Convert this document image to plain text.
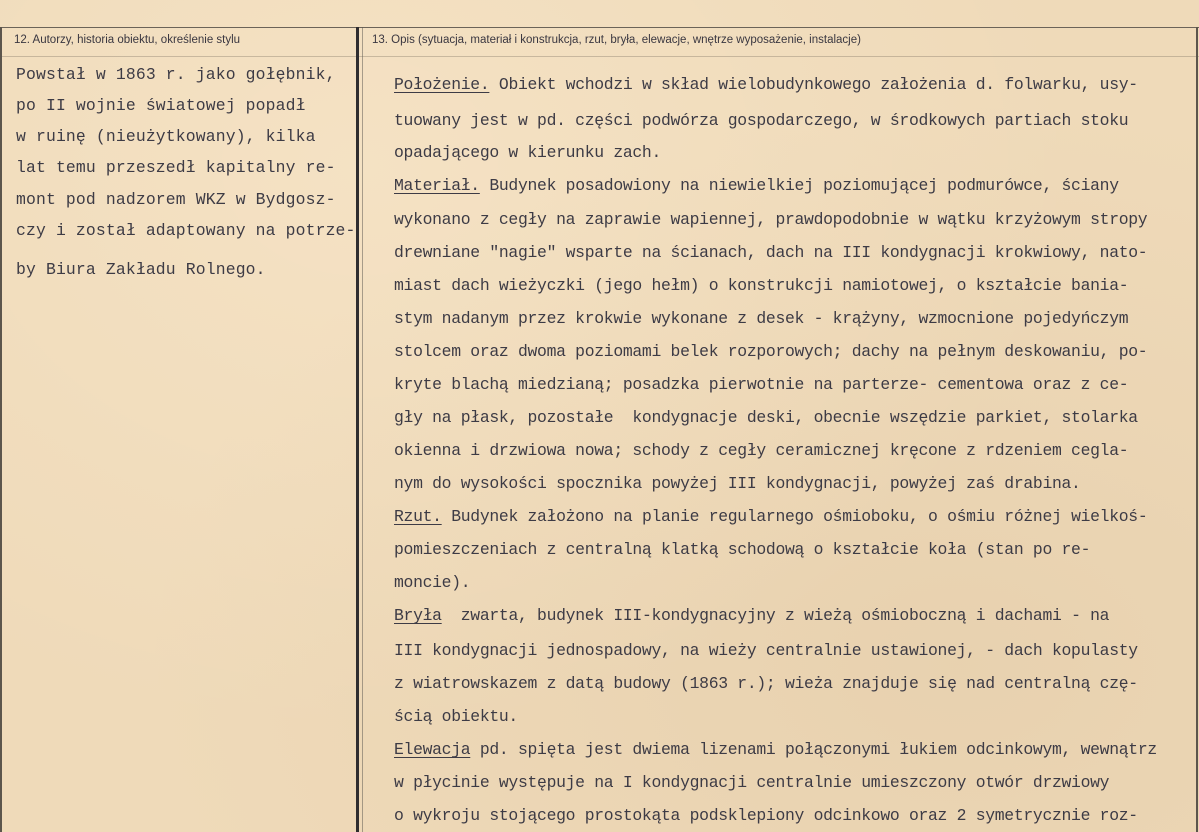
12. Autorzy, historia obiektu, określenie stylu	13. Opis (sytuacja, materiał i konstrukcja, rzut, bryła, elewacje, wnętrze wyposażenie, instalacje)
Powstał w 1863 r. jako gołębnik,
po II wojnie światowej popadł
w ruinę (nieużytkowany), kilka
lat temu przeszedł kapitalny re-
mont pod nadzorem WKZ w Bydgosz-
czy i został adaptowany na potrze-
by Biura Zakładu Rolnego.
Położenie. Obiekt wchodzi w skład wielobudynkowego założenia d. folwarku, usy-
tuowany jest w pd. części podwórza gospodarczego, w środkowych partiach stoku
opadającego w kierunku zach.
Materiał. Budynek posadowiony na niewielkiej poziomującej podmurówce, ściany
wykonano z cegły na zaprawie wapiennej, prawdopodobnie w wątku krzyżowym stropy
drewniane "nagie" wsparte na ścianach, dach na III kondygnacji krokwiowy, nato-
miast dach wieżyczki (jego hełm) o konstrukcji namiotowej, o kształcie bania-
stym nadanym przez krokwie wykonane z desek - krążyny, wzmocnione pojedyńczym
stolcem oraz dwoma poziomami belek rozporowych; dachy na pełnym deskowaniu, po-
kryte blachą miedzianą; posadzka pierwotnie na parterze- cementowa oraz z ce-
gły na płask, pozostałe  kondygnacje deski, obecnie wszędzie parkiet, stolarka
okienna i drzwiowa nowa; schody z cegły ceramicznej kręcone z rdzeniem cegla-
nym do wysokości spocznika powyżej III kondygnacji, powyżej zaś drabina.
Rzut. Budynek założono na planie regularnego ośmioboku, o ośmiu różnej wielkoś-
pomieszczeniach z centralną klatką schodową o kształcie koła (stan po re-
moncie).
Bryła  zwarta, budynek III-kondygnacyjny z wieżą ośmioboczną i dachami - na
III kondygnacji jednospadowy, na wieży centralnie ustawionej, - dach kopulasty
z wiatrowskazem z datą budowy (1863 r.); wieża znajduje się nad centralną czę-
ścią obiektu.
Elewacja pd. spięta jest dwiema lizenami połączonymi łukiem odcinkowym, wewnątrz
w płycinie występuje na I kondygnacji centralnie umieszczony otwór drzwiowy
o wykroju stojącego prostokąta podsklepiony odcinkowo oraz 2 symetrycznie roz-
